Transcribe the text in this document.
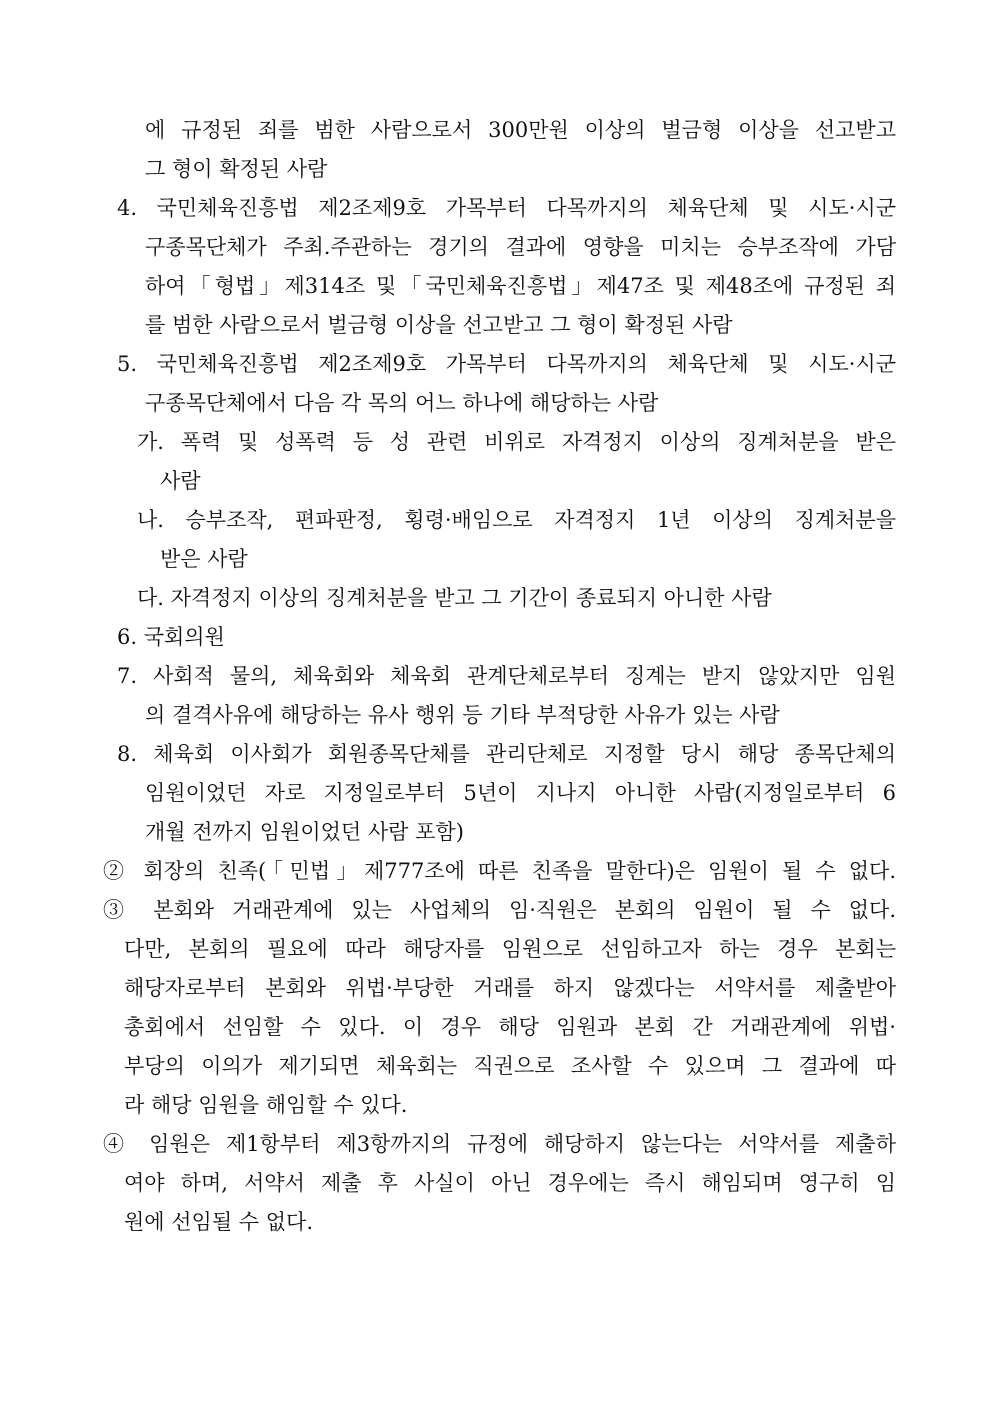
에 규정된 죄를 범한 사람으로서 300만원 이상의 벌금형 이상을 선고받고
그 형이 확정된 사람
4. 국민체육진흥법 제2조제9호 가목부터 다목까지의 체육단체 및 시도·시군
구종목단체가 주최.주관하는 경기의 결과에 영향을 미치는 승부조작에 가담
하여「형법」제314조 및「국민체육진흥법」제47조 및 제48조에 규정된 죄
를 범한 사람으로서 벌금형 이상을 선고받고 그 형이 확정된 사람
5. 국민체육진흥법 제2조제9호 가목부터 다목까지의 체육단체 및 시도·시군
구종목단체에서 다음 각 목의 어느 하나에 해당하는 사람
가. 폭력 및 성폭력 등 성 관련 비위로 자격정지 이상의 징계처분을 받은
사람
나. 승부조작, 편파판정, 횡령·배임으로 자격정지 1년 이상의 징계처분을
받은 사람
다. 자격정지 이상의 징계처분을 받고 그 기간이 종료되지 아니한 사람
6. 국회의원
7. 사회적 물의, 체육회와 체육회 관계단체로부터 징계는 받지 않았지만 임원
의 결격사유에 해당하는 유사 행위 등 기타 부적당한 사유가 있는 사람
8. 체육회 이사회가 회원종목단체를 관리단체로 지정할 당시 해당 종목단체의
임원이었던 자로 지정일로부터 5년이 지나지 아니한 사람(지정일로부터 6
개월 전까지 임원이었던 사람 포함)
② 회장의 친족(「민법」제777조에 따른 친족을 말한다)은 임원이 될 수 없다.
③ 본회와 거래관계에 있는 사업체의 임·직원은 본회의 임원이 될 수 없다.
다만, 본회의 필요에 따라 해당자를 임원으로 선임하고자 하는 경우 본회는
해당자로부터 본회와 위법·부당한 거래를 하지 않겠다는 서약서를 제출받아
총회에서 선임할 수 있다. 이 경우 해당 임원과 본회 간 거래관계에 위법·
부당의 이의가 제기되면 체육회는 직권으로 조사할 수 있으며 그 결과에 따
라 해당 임원을 해임할 수 있다.
④ 임원은 제1항부터 제3항까지의 규정에 해당하지 않는다는 서약서를 제출하
여야 하며, 서약서 제출 후 사실이 아닌 경우에는 즉시 해임되며 영구히 임
원에 선임될 수 없다.
